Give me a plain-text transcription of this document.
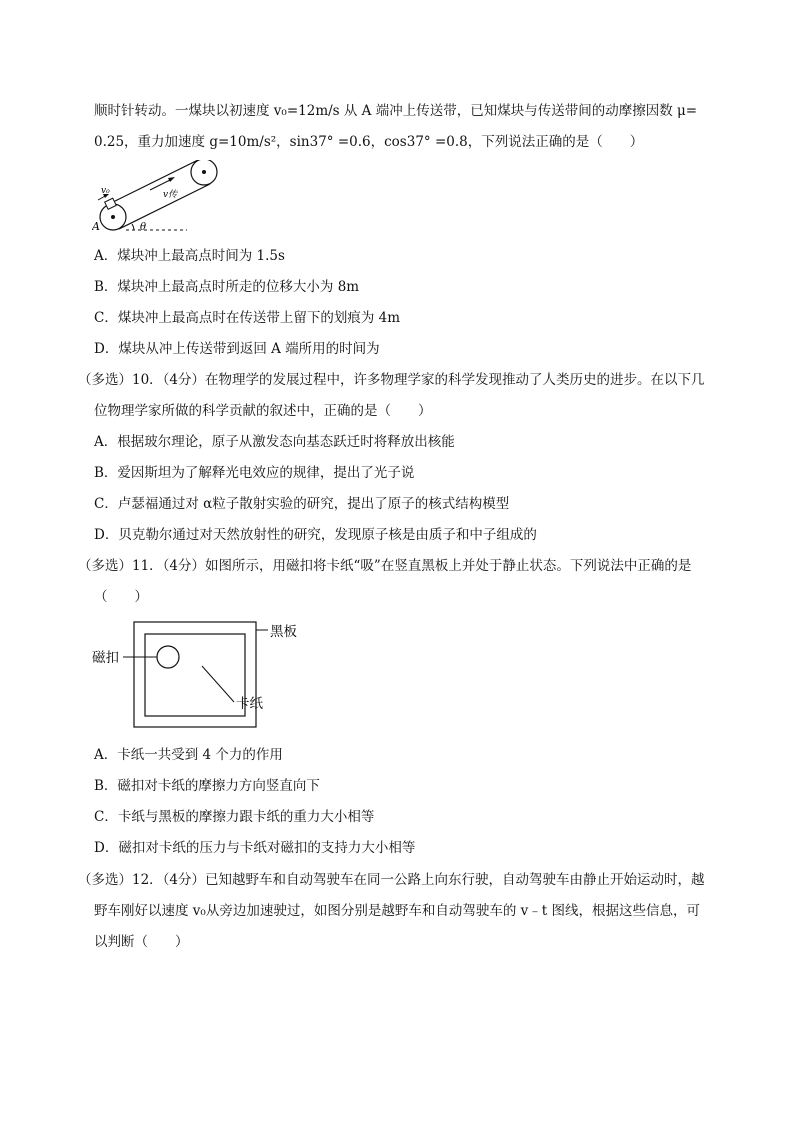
顺时针转动。一煤块以初速度 v₀=12m/s 从 A 端冲上传送带，已知煤块与传送带间的动摩擦因数 μ=
0.25，重力加速度 g=10m/s²，sin37° =0.6，cos37° =0.8，下列说法正确的是（　　）
v₀	v传
A	θ
A．煤块冲上最高点时间为 1.5s
B．煤块冲上最高点时所走的位移大小为 8m
C．煤块冲上最高点时在传送带上留下的划痕为 4m
D．煤块从冲上传送带到返回 A 端所用的时间为
（多选）10．（4分）在物理学的发展过程中，许多物理学家的科学发现推动了人类历史的进步。在以下几
位物理学家所做的科学贡献的叙述中，正确的是（　　）
A．根据玻尔理论，原子从激发态向基态跃迁时将释放出核能
B．爱因斯坦为了解释光电效应的规律，提出了光子说
C．卢瑟福通过对 α粒子散射实验的研究，提出了原子的核式结构模型
D．贝克勒尔通过对天然放射性的研究，发现原子核是由质子和中子组成的
（多选）11．（4分）如图所示，用磁扣将卡纸“吸”在竖直黑板上并处于静止状态。下列说法中正确的是
（　　）
黑板
磁扣
卡纸
A．卡纸一共受到 4 个力的作用
B．磁扣对卡纸的摩擦力方向竖直向下
C．卡纸与黑板的摩擦力跟卡纸的重力大小相等
D．磁扣对卡纸的压力与卡纸对磁扣的支持力大小相等
（多选）12．（4分）已知越野车和自动驾驶车在同一公路上向东行驶，自动驾驶车由静止开始运动时，越
野车刚好以速度 v₀从旁边加速驶过，如图分别是越野车和自动驾驶车的 v﹣t 图线，根据这些信息，可
以判断（　　）
